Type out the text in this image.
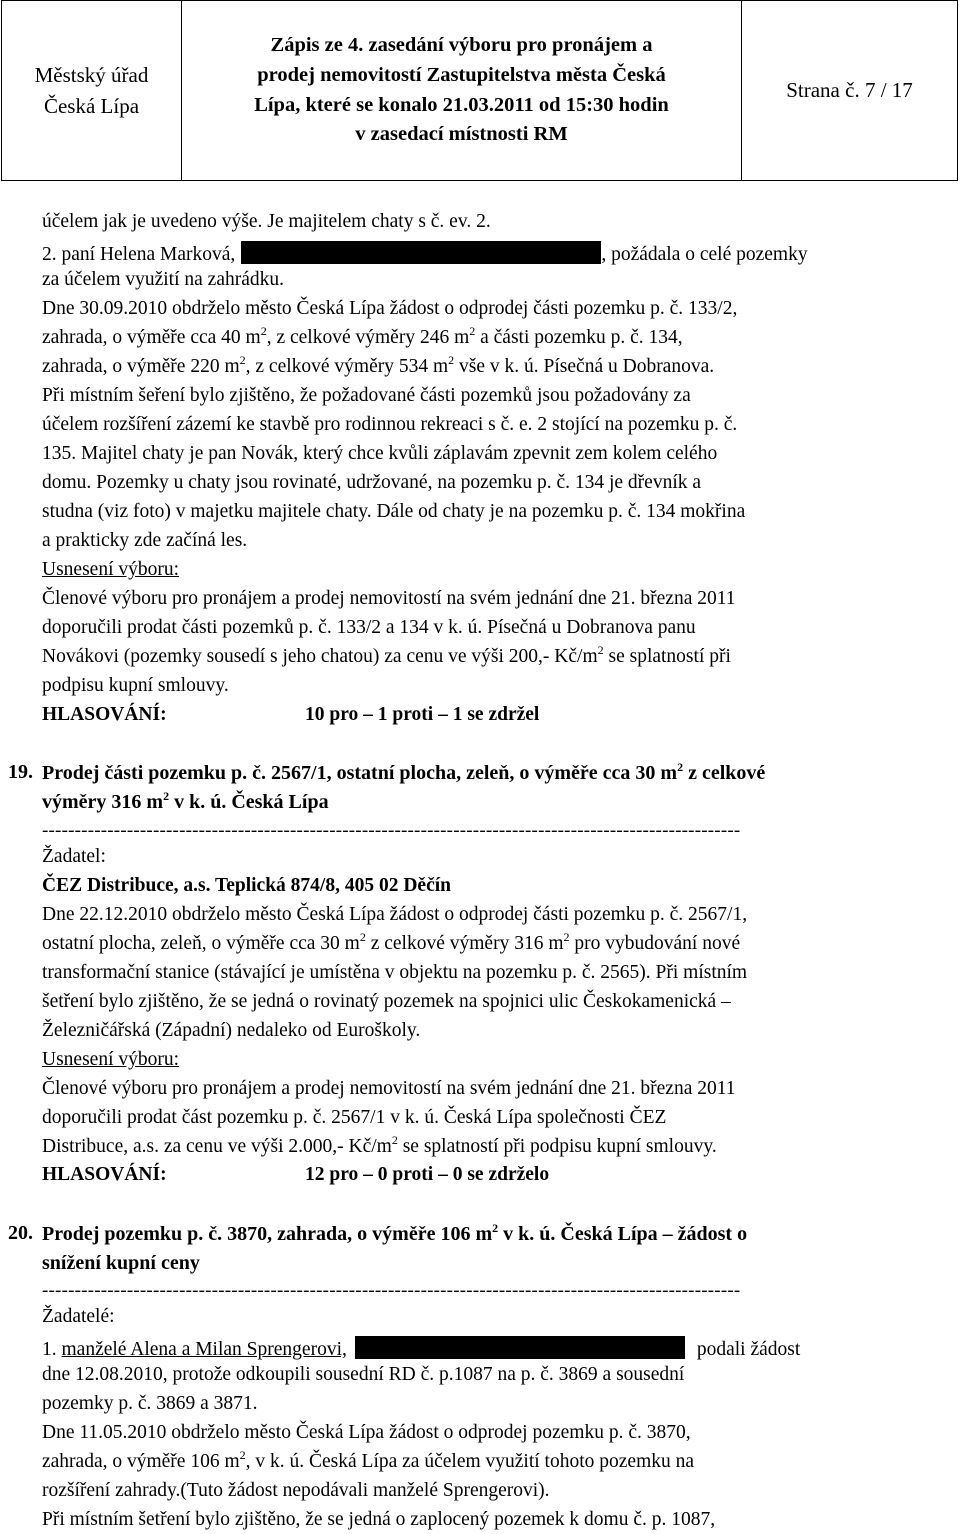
Městský úřad
Česká Lípa
Zápis ze 4. zasedání výboru pro pronájem a
prodej nemovitostí Zastupitelstva města Česká
Lípa, které se konalo 21.03.2011 od 15:30 hodin
v zasedací místnosti RM
Strana č. 7 / 17
účelem jak je uvedeno výše. Je majitelem chaty s č. ev. 2.
2. paní Helena Marková,	, požádala o celé pozemky
za účelem využití na zahrádku.
Dne 30.09.2010 obdrželo město Česká Lípa žádost o odprodej části pozemku p. č. 133/2,
zahrada, o výměře cca 40 $m^2$, z celkové výměry 246 $m^2$ a části pozemku p. č. 134,
zahrada, o výměře 220 $m^2$, z celkové výměry 534 $m^2$ vše v k. ú. Písečná u Dobranova.
Při místním šeření bylo zjištěno, že požadované části pozemků jsou požadovány za
účelem rozšíření zázemí ke stavbě pro rodinnou rekreaci s č. e. 2 stojící na pozemku p. č.
135. Majitel chaty je pan Novák, který chce kvůli záplavám zpevnit zem kolem celého
domu. Pozemky u chaty jsou rovinaté, udržované, na pozemku p. č. 134 je dřevník a
studna (viz foto) v majetku majitele chaty. Dále od chaty je na pozemku p. č. 134 mokřina
a prakticky zde začíná les.
Usnesení výboru:
Členové výboru pro pronájem a prodej nemovitostí na svém jednání dne 21. března 2011
doporučili prodat části pozemků p. č. 133/2 a 134 v k. ú. Písečná u Dobranova panu
Novákovi (pozemky sousedí s jeho chatou) za cenu ve výši 200,- $Kč/m^2$ se splatností při
podpisu kupní smlouvy.
HLASOVÁNÍ:	10 pro – 1 proti – 1 se zdržel
19. Prodej části pozemku p. č. 2567/1, ostatní plocha, zeleň, o výměře cca 30 $m^2$ z celkové
výměry 316 $m^2$ v k. ú. Česká Lípa
-----------------------------------------------------------------------------------------------------------
Žadatel:
ČEZ Distribuce, a.s. Teplická 874/8, 405 02 Děčín
Dne 22.12.2010 obdrželo město Česká Lípa žádost o odprodej části pozemku p. č. 2567/1,
ostatní plocha, zeleň, o výměře cca 30 $m^2$ z celkové výměry 316 $m^2$ pro vybudování nové
transformační stanice (stávající je umístěna v objektu na pozemku p. č. 2565). Při místním
šetření bylo zjištěno, že se jedná o rovinatý pozemek na spojnici ulic Českokamenická –
Železničářská (Západní) nedaleko od Euroškoly.
Usnesení výboru:
Členové výboru pro pronájem a prodej nemovitostí na svém jednání dne 21. března 2011
doporučili prodat část pozemku p. č. 2567/1 v k. ú. Česká Lípa společnosti ČEZ
Distribuce, a.s. za cenu ve výši 2.000,- $Kč/m^2$ se splatností při podpisu kupní smlouvy.
HLASOVÁNÍ:	12 pro – 0 proti – 0 se zdrželo
20. Prodej pozemku p. č. 3870, zahrada, o výměře 106 $m^2$ v k. ú. Česká Lípa – žádost o
snížení kupní ceny
-----------------------------------------------------------------------------------------------------------
Žadatelé:
1. manželé Alena a Milan Sprengerovi,	podali žádost
dne 12.08.2010, protože odkoupili sousední RD č. p.1087 na p. č. 3869 a sousední
pozemky p. č. 3869 a 3871.
Dne 11.05.2010 obdrželo město Česká Lípa žádost o odprodej pozemku p. č. 3870,
zahrada, o výměře 106 $m^2$, v k. ú. Česká Lípa za účelem využití tohoto pozemku na
rozšíření zahrady.(Tuto žádost nepodávali manželé Sprengerovi).
Při místním šetření bylo zjištěno, že se jedná o zaplocený pozemek k domu č. p. 1087,
